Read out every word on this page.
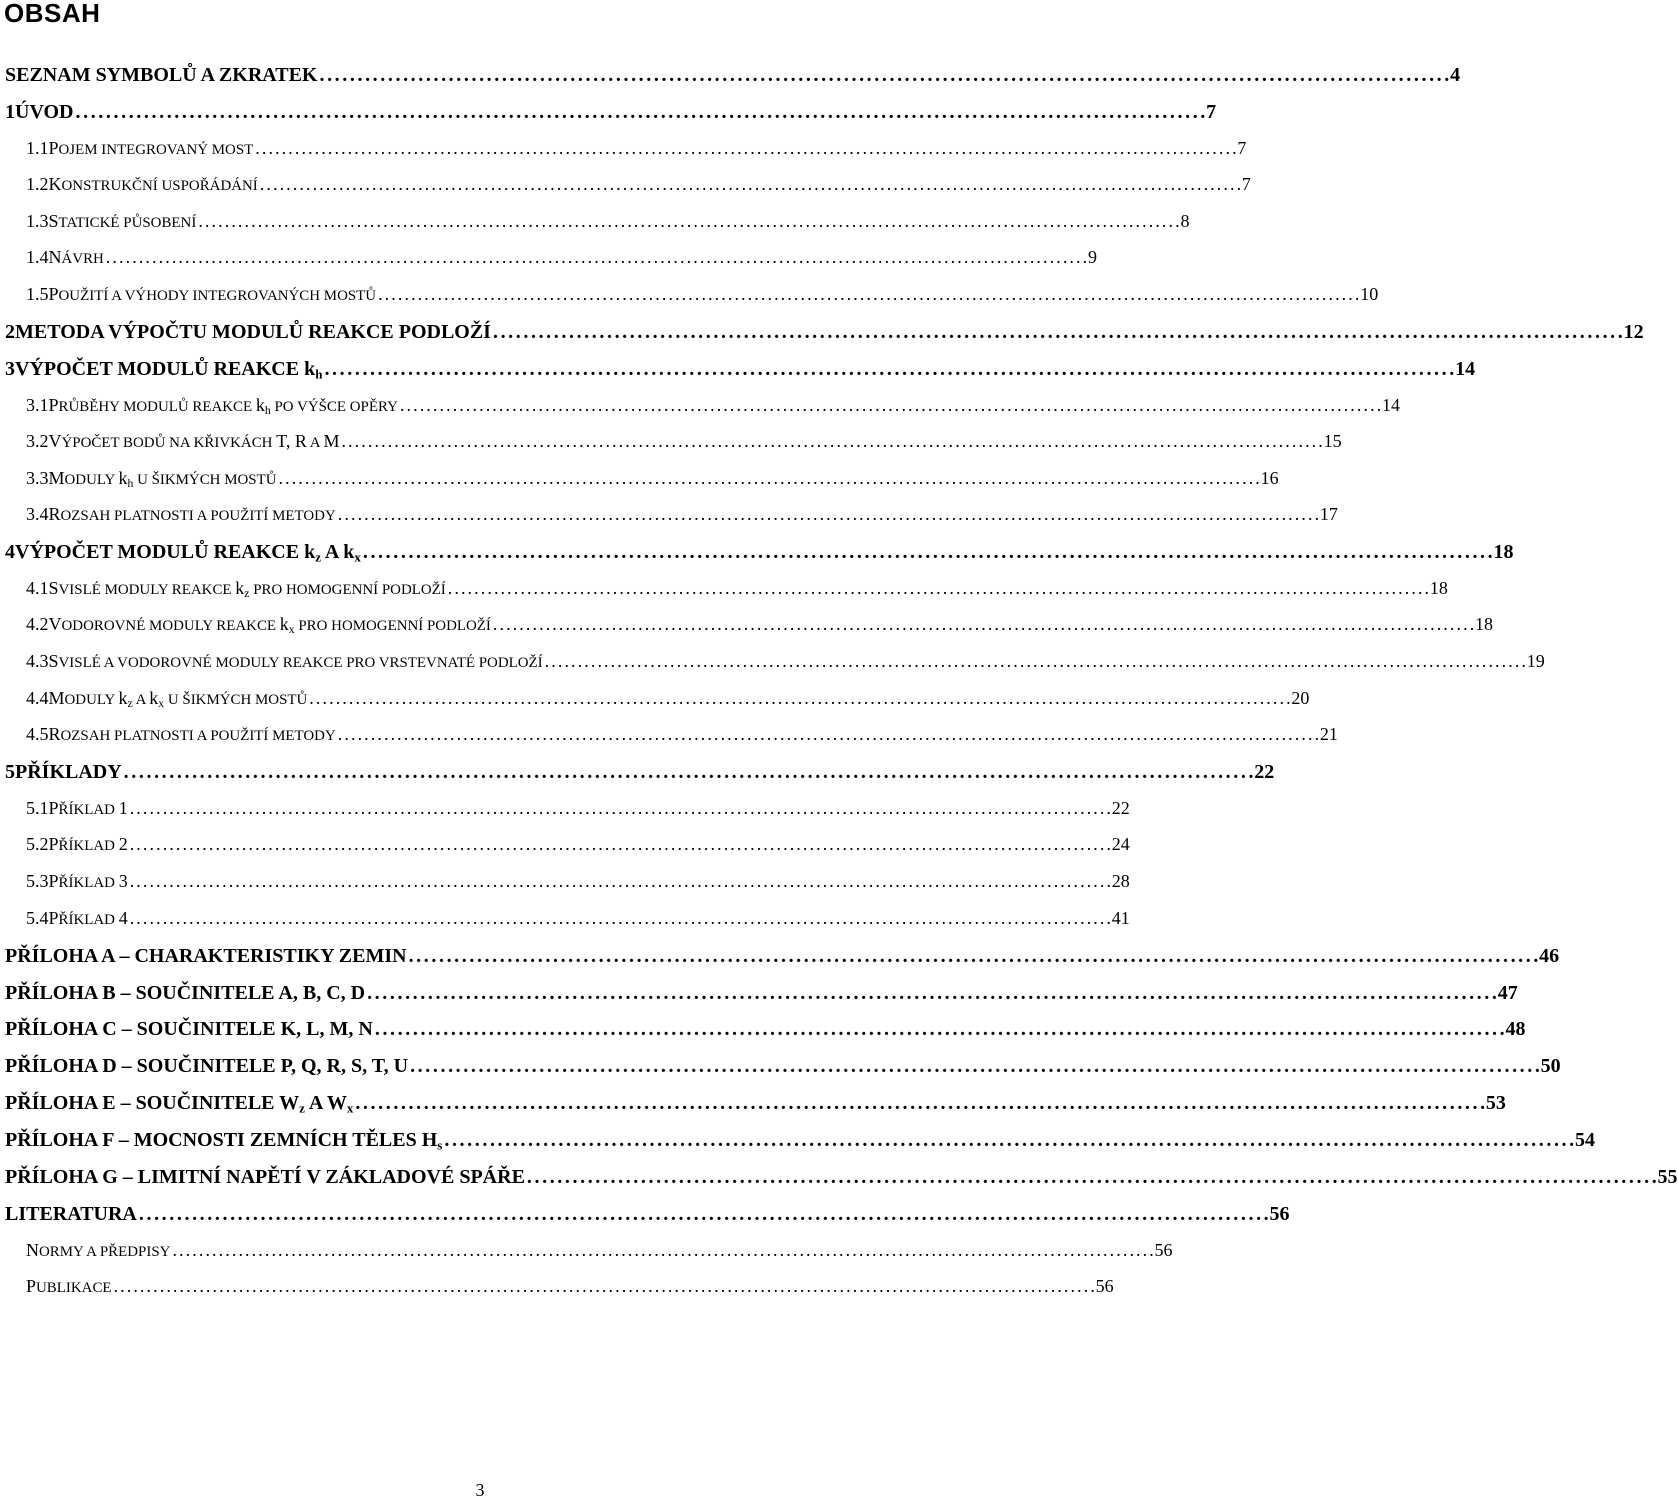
OBSAH
SEZNAM SYMBOLŮ A ZKRATEK . . .	4
1 ÚVOD . . .	7
1.1 POJEM INTEGROVANÝ MOST . . .	7
1.2 KONSTRUKČNÍ USPOŘÁDÁNÍ . . .	7
1.3 STATICKÉ PŮSOBENÍ . . .	8
1.4 NÁVRH . . .	9
1.5 POUŽITÍ A VÝHODY INTEGROVANÝCH MOSTŮ . . .	10
2 METODA VÝPOČTU MODULŮ REAKCE PODLOŽÍ . . .	12
3 VÝPOČET MODULŮ REAKCE $k_h$ . . .	14
3.1 PRŮBĚHY MODULŮ REAKCE $k_h$ PO VÝŠCE OPĚRY . . .	14
3.2 VÝPOČET BODŮ NA KŘIVKÁCH T, R A M . . .	15
3.3 MODULY $k_h$ U ŠIKMÝCH MOSTŮ . . .	16
3.4 ROZSAH PLATNOSTI A POUŽITÍ METODY . . .	17
4 VÝPOČET MODULŮ REAKCE $k_z$ A $k_x$ . . .	18
4.1 SVISLÉ MODULY REAKCE $k_z$ PRO HOMOGENNÍ PODLOŽÍ . . .	18
4.2 VODOROVNÉ MODULY REAKCE $k_x$ PRO HOMOGENNÍ PODLOŽÍ . . .	18
4.3 SVISLÉ A VODOROVNÉ MODULY REAKCE PRO VRSTEVNATÉ PODLOŽÍ . . .	19
4.4 MODULY $k_z$ A $k_x$ U ŠIKMÝCH MOSTŮ . . .	20
4.5 ROZSAH PLATNOSTI A POUŽITÍ METODY . . .	21
5 PŘÍKLADY . . .	22
5.1 PŘÍKLAD 1 . . .	22
5.2 PŘÍKLAD 2 . . .	24
5.3 PŘÍKLAD 3 . . .	28
5.4 PŘÍKLAD 4 . . .	41
PŘÍLOHA A – CHARAKTERISTIKY ZEMIN . . .	46
PŘÍLOHA B – SOUČINITELE A, B, C, D . . .	47
PŘÍLOHA C – SOUČINITELE K, L, M, N . . .	48
PŘÍLOHA D – SOUČINITELE P, Q, R, S, T, U . . .	50
PŘÍLOHA E – SOUČINITELE $W_z$ A $W_x$ . . .	53
PŘÍLOHA F – MOCNOSTI ZEMNÍCH TĚLES $H_s$ . . .	54
PŘÍLOHA G – LIMITNÍ NAPĚTÍ V ZÁKLADOVÉ SPÁŘE . . .	55
LITERATURA . . .	56
NORMY A PŘEDPISY . . .	56
PUBLIKACE . . .	56
3
